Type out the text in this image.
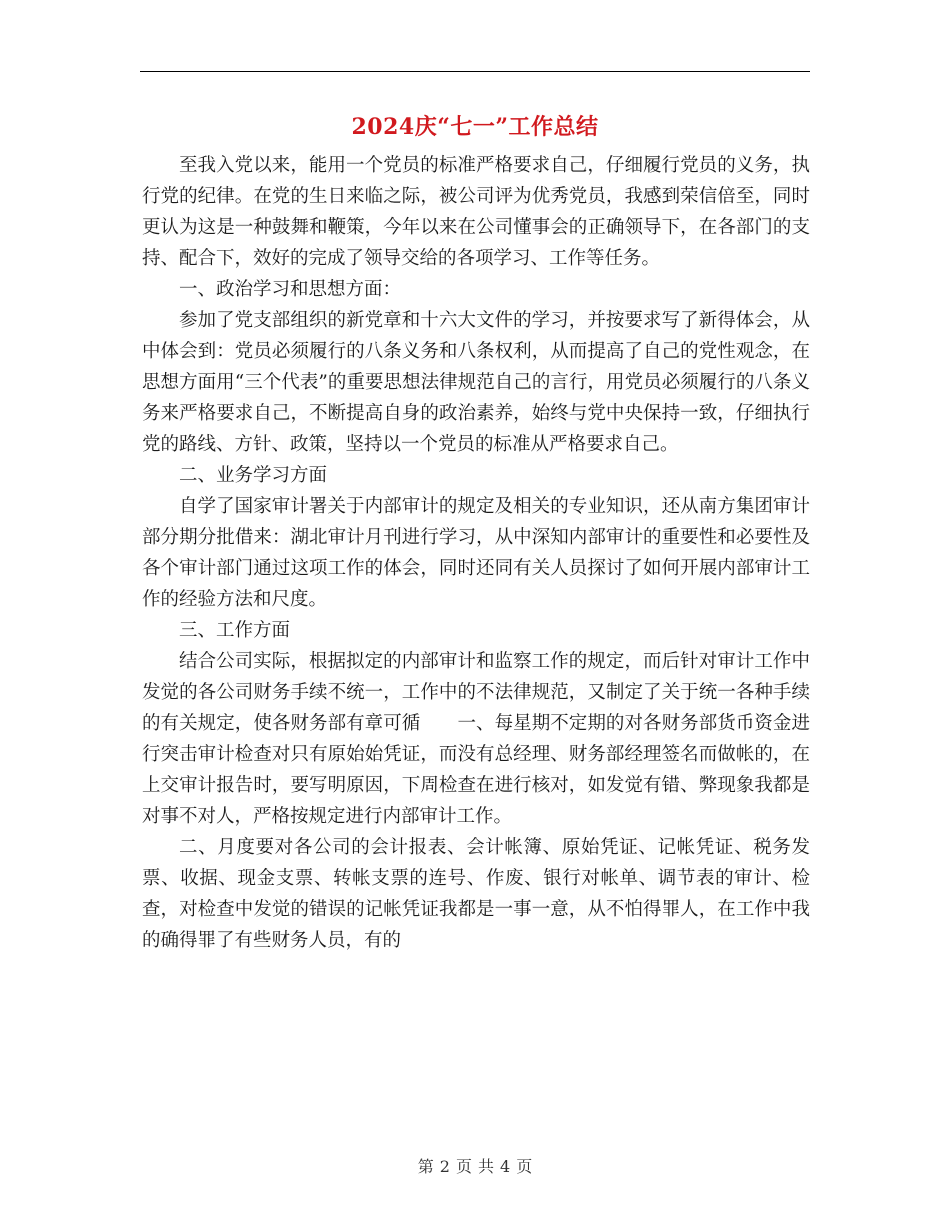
2024庆“七一”工作总结

至我入党以来，能用一个党员的标准严格要求自己，仔细履行党员的义务，执行党的纪律。在党的生日来临之际，被公司评为优秀党员，我感到荣信倍至，同时更认为这是一种鼓舞和鞭策，今年以来在公司懂事会的正确领导下，在各部门的支持、配合下，效好的完成了领导交给的各项学习、工作等任务。

一、政治学习和思想方面：

参加了党支部组织的新党章和十六大文件的学习，并按要求写了新得体会，从中体会到：党员必须履行的八条义务和八条权利，从而提高了自己的党性观念，在思想方面用“三个代表”的重要思想法律规范自己的言行，用党员必须履行的八条义务来严格要求自己，不断提高自身的政治素养，始终与党中央保持一致，仔细执行党的路线、方针、政策，坚持以一个党员的标准从严格要求自己。

二、业务学习方面

自学了国家审计署关于内部审计的规定及相关的专业知识，还从南方集团审计部分期分批借来：湖北审计月刊进行学习，从中深知内部审计的重要性和必要性及各个审计部门通过这项工作的体会，同时还同有关人员探讨了如何开展内部审计工作的经验方法和尺度。

三、工作方面

结合公司实际，根据拟定的内部审计和监察工作的规定，而后针对审计工作中发觉的各公司财务手续不统一，工作中的不法律规范，又制定了关于统一各种手续的有关规定，使各财务部有章可循　　一、每星期不定期的对各财务部货币资金进行突击审计检查对只有原始始凭证，而没有总经理、财务部经理签名而做帐的，在上交审计报告时，要写明原因，下周检查在进行核对，如发觉有错、弊现象我都是对事不对人，严格按规定进行内部审计工作。

二、月度要对各公司的会计报表、会计帐簿、原始凭证、记帐凭证、税务发票、收据、现金支票、转帐支票的连号、作废、银行对帐单、调节表的审计、检查，对检查中发觉的错误的记帐凭证我都是一事一意，从不怕得罪人，在工作中我的确得罪了有些财务人员，有的

第 2 页 共 4 页
